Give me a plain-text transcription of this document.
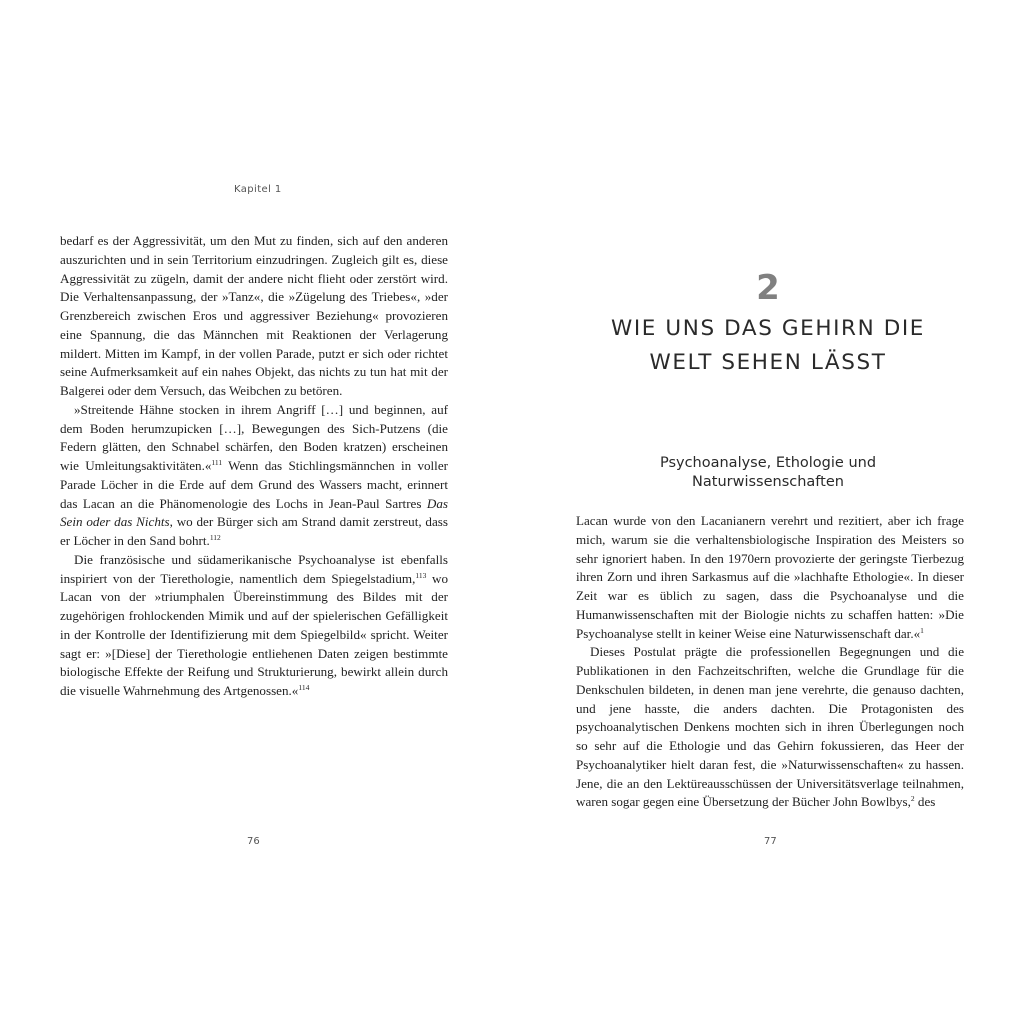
Kapitel 1

bedarf es der Aggressivität, um den Mut zu finden, sich auf den anderen auszurichten und in sein Territorium einzudringen. Zugleich gilt es, diese Aggressivität zu zügeln, damit der andere nicht flieht oder zerstört wird. Die Verhaltensanpassung, der »Tanz«, die »Zügelung des Triebes«, »der Grenzbereich zwischen Eros und aggressiver Beziehung« provozieren eine Spannung, die das Männchen mit Reaktionen der Verlagerung mildert. Mitten im Kampf, in der vollen Parade, putzt er sich oder richtet seine Aufmerksamkeit auf ein nahes Objekt, das nichts zu tun hat mit der Balgerei oder dem Versuch, das Weibchen zu betören.

»Streitende Hähne stocken in ihrem Angriff […] und beginnen, auf dem Boden herumzupicken […], Bewegungen des Sich-Putzens (die Federn glätten, den Schnabel schärfen, den Boden kratzen) erscheinen wie Umleitungsaktivitäten.«$^{111}$ Wenn das Stichlingsmännchen in voller Parade Löcher in die Erde auf dem Grund des Wassers macht, erinnert das Lacan an die Phänomenologie des Lochs in Jean-Paul Sartres Das Sein oder das Nichts, wo der Bürger sich am Strand damit zerstreut, dass er Löcher in den Sand bohrt.$^{112}$

Die französische und südamerikanische Psychoanalyse ist ebenfalls inspiriert von der Tierethologie, namentlich dem Spiegelstadium,$^{113}$ wo Lacan von der »triumphalen Übereinstimmung des Bildes mit der zugehörigen frohlockenden Mimik und auf der spielerischen Gefälligkeit in der Kontrolle der Identifizierung mit dem Spiegelbild« spricht. Weiter sagt er: »[Diese] der Tierethologie entliehenen Daten zeigen bestimmte biologische Effekte der Reifung und Strukturierung, bewirkt allein durch die visuelle Wahrnehmung des Artgenossen.«$^{114}$

76
2
WIE UNS DAS GEHIRN DIE
WELT SEHEN LÄSST
Psychoanalyse, Ethologie und
Naturwissenschaften

Lacan wurde von den Lacanianern verehrt und rezitiert, aber ich frage mich, warum sie die verhaltensbiologische Inspiration des Meisters so sehr ignoriert haben. In den 1970ern provozierte der geringste Tierbezug ihren Zorn und ihren Sarkasmus auf die »lachhafte Ethologie«. In dieser Zeit war es üblich zu sagen, dass die Psychoanalyse und die Humanwissenschaften mit der Biologie nichts zu schaffen hatten: »Die Psychoanalyse stellt in keiner Weise eine Naturwissenschaft dar.«$^1$

Dieses Postulat prägte die professionellen Begegnungen und die Publikationen in den Fachzeitschriften, welche die Grundlage für die Denkschulen bildeten, in denen man jene verehrte, die genauso dachten, und jene hasste, die anders dachten. Die Protagonisten des psychoanalytischen Denkens mochten sich in ihren Überlegungen noch so sehr auf die Ethologie und das Gehirn fokussieren, das Heer der Psychoanalytiker hielt daran fest, die »Naturwissenschaften« zu hassen. Jene, die an den Lektüreausschüssen der Universitätsverlage teilnahmen, waren sogar gegen eine Übersetzung der Bücher John Bowlbys,$^2$ des

77
